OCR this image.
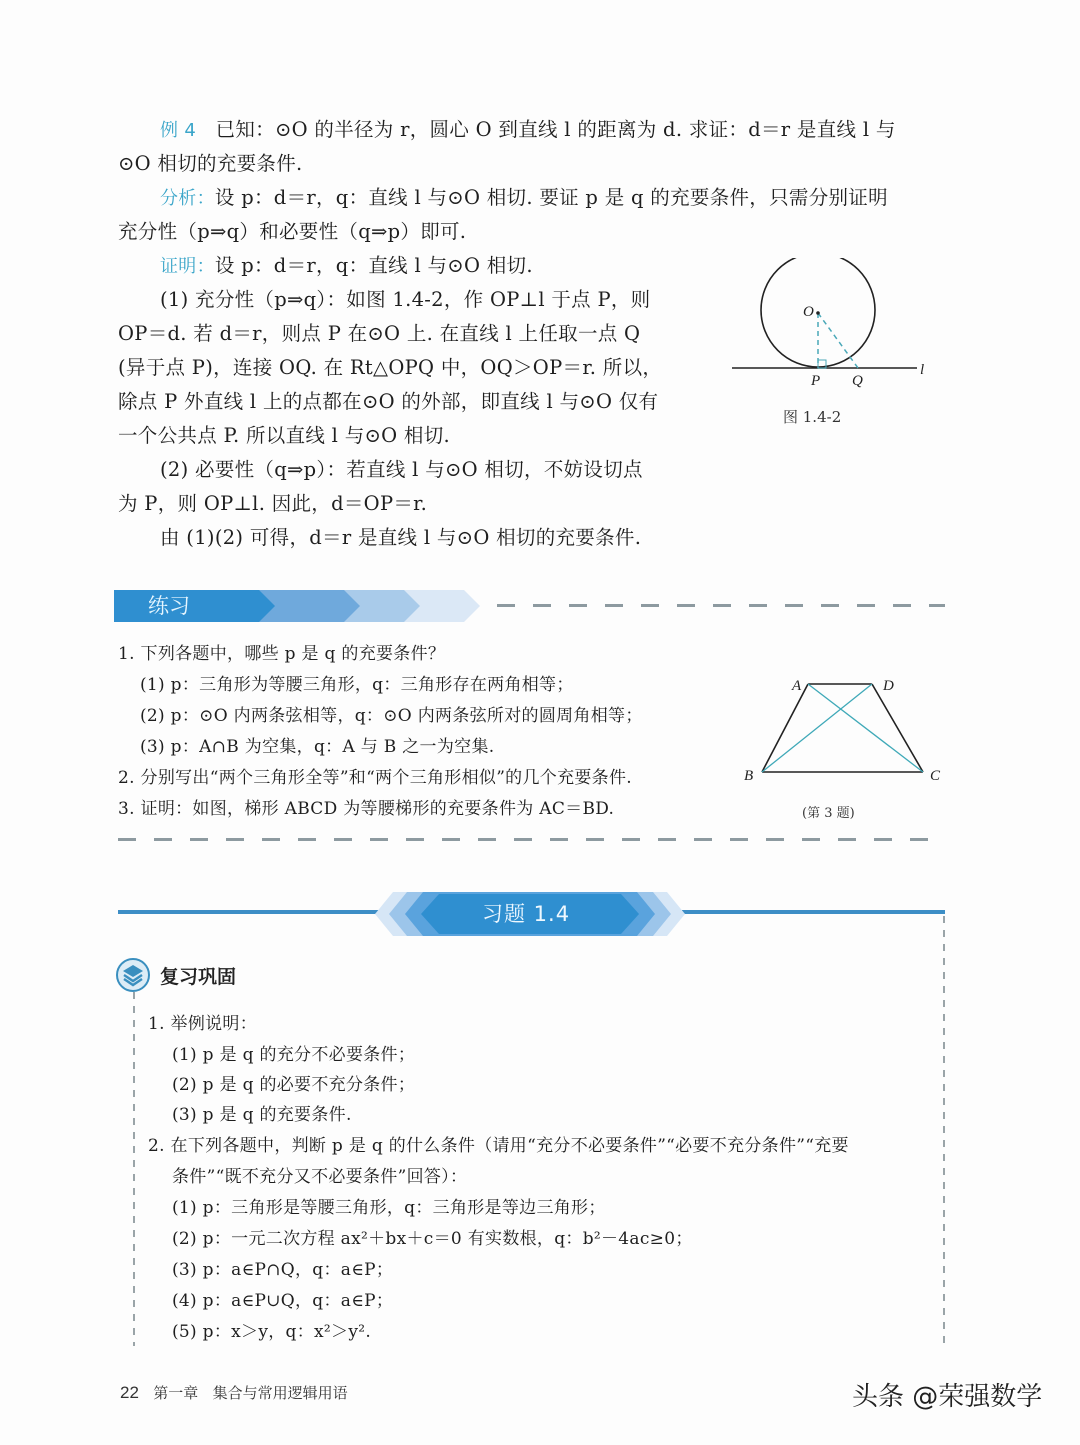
例 4 已知：⊙O 的半径为 r，圆心 O 到直线 l 的距离为 d. 求证：d＝r 是直线 l 与
⊙O 相切的充要条件.
分析：设 p：d＝r，q：直线 l 与⊙O 相切. 要证 p 是 q 的充要条件，只需分别证明
充分性（p⇒q）和必要性（q⇒p）即可.
证明：设 p：d＝r，q：直线 l 与⊙O 相切.
(1) 充分性（p⇒q）：如图 1.4-2，作 OP⊥l 于点 P，则
OP＝d. 若 d＝r，则点 P 在⊙O 上. 在直线 l 上任取一点 Q
(异于点 P)，连接 OQ. 在 Rt△OPQ 中，OQ＞OP＝r. 所以，
除点 P 外直线 l 上的点都在⊙O 的外部，即直线 l 与⊙O 仅有
一个公共点 P. 所以直线 l 与⊙O 相切.
(2) 必要性（q⇒p）：若直线 l 与⊙O 相切，不妨设切点
为 P，则 OP⊥l. 因此，d＝OP＝r.
由 (1)(2) 可得，d＝r 是直线 l 与⊙O 相切的充要条件.
O
P Q
l
图 1.4-2
练习
1. 下列各题中，哪些 p 是 q 的充要条件？
(1) p：三角形为等腰三角形，q：三角形存在两角相等；
(2) p：⊙O 内两条弦相等，q：⊙O 内两条弦所对的圆周角相等；
(3) p：A∩B 为空集，q：A 与 B 之一为空集.
2. 分别写出“两个三角形全等”和“两个三角形相似”的几个充要条件.
3. 证明：如图，梯形 ABCD 为等腰梯形的充要条件为 AC＝BD.
A	D
B	C
(第 3 题)
习题 1.4
复习巩固
1. 举例说明：
(1) p 是 q 的充分不必要条件；
(2) p 是 q 的必要不充分条件；
(3) p 是 q 的充要条件.
2. 在下列各题中，判断 p 是 q 的什么条件（请用“充分不必要条件”“必要不充分条件”“充要
条件”“既不充分又不必要条件”回答）：
(1) p：三角形是等腰三角形，q：三角形是等边三角形；
(2) p：一元二次方程 ax²＋bx＋c＝0 有实数根，q：b²－4ac≥0；
(3) p：a∈P∩Q，q：a∈P；
(4) p：a∈P∪Q，q：a∈P；
(5) p：x＞y，q：x²＞y².
22 第一章 集合与常用逻辑用语	头条 @荣强数学
